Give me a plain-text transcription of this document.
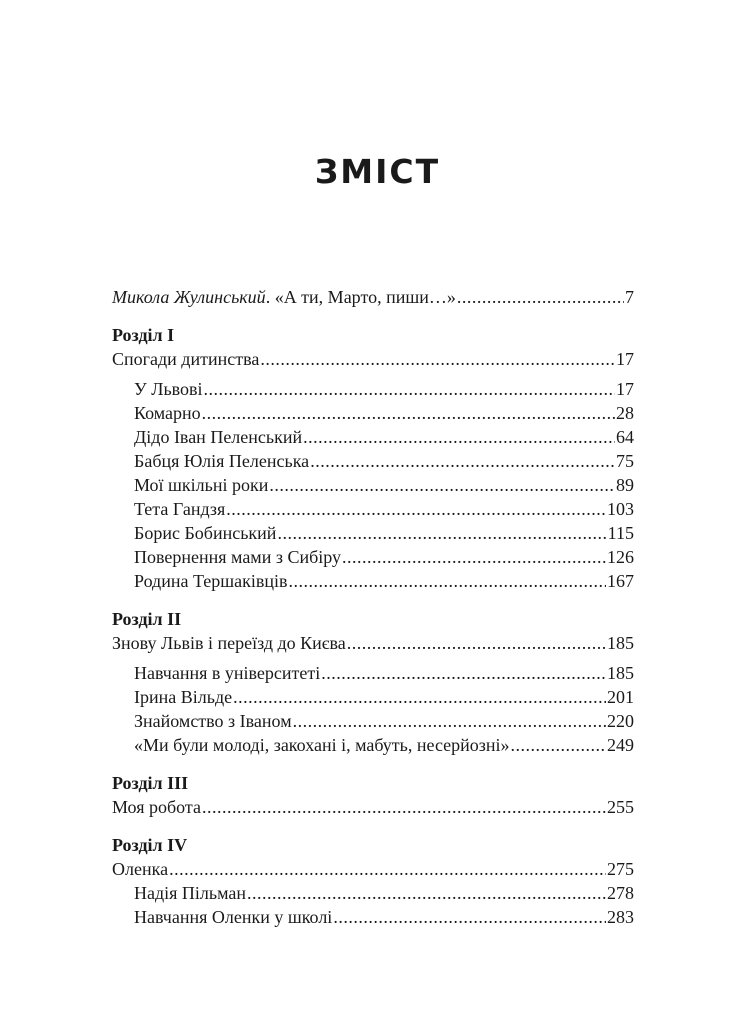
ЗМІСТ
Микола Жулинський. «А ти, Марто, пиши…» .....	7
Розділ І
Спогади дитинства .....	17
У Львові .....	17
Комарно .....	28
Дідо Іван Пеленський .....	64
Бабця Юлія Пеленська .....	75
Мої шкільні роки .....	89
Тета Гандзя .....	103
Борис Бобинський .....	115
Повернення мами з Сибіру .....	126
Родина Тершаківців .....	167
Розділ ІІ
Знову Львів і переїзд до Києва .....	185
Навчання в університеті .....	185
Ірина Вільде .....	201
Знайомство з Іваном .....	220
«Ми були молоді, закохані і, мабуть, несерйозні» .....	249
Розділ ІІІ
Моя робота .....	255
Розділ IV
Оленка .....	275
Надія Пільман .....	278
Навчання Оленки у школі .....	283
